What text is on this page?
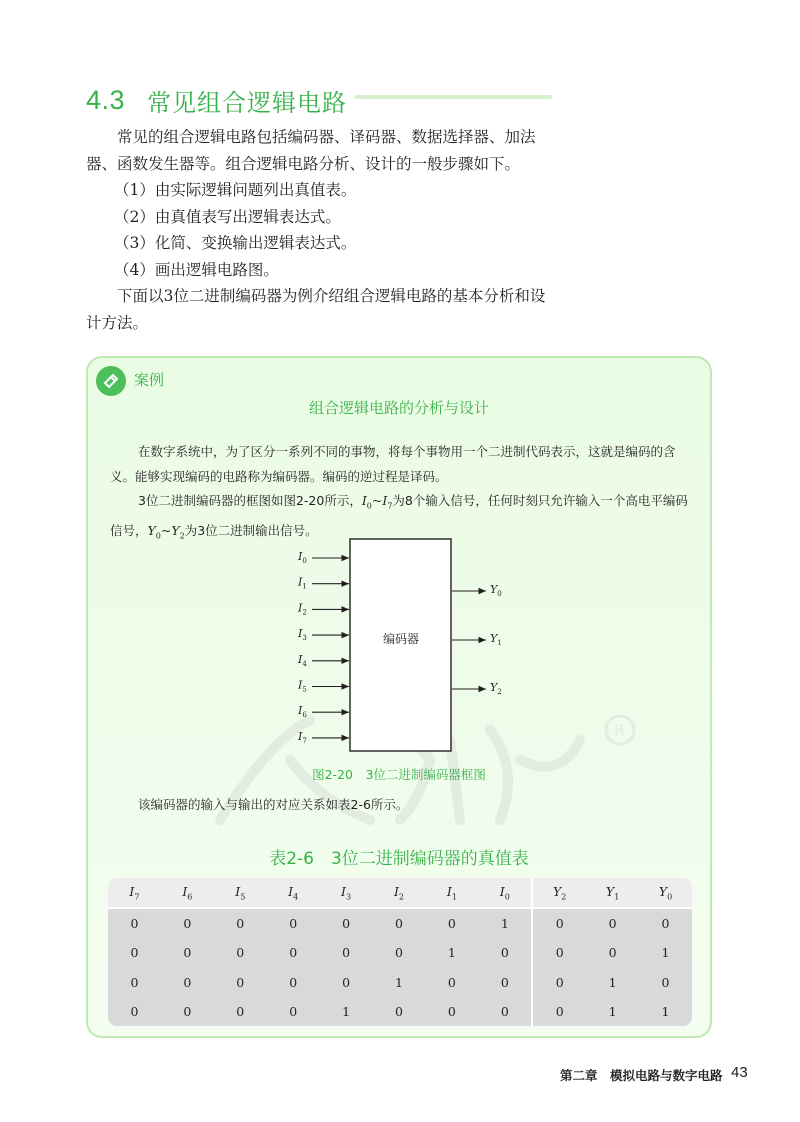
4.3 常见组合逻辑电路

常见的组合逻辑电路包括编码器、译码器、数据选择器、加法器、函数发生器等。组合逻辑电路分析、设计的一般步骤如下。

（1）由实际逻辑问题列出真值表。

（2）由真值表写出逻辑表达式。

（3）化简、变换输出逻辑表达式。

（4）画出逻辑电路图。

下面以3位二进制编码器为例介绍组合逻辑电路的基本分析和设计方法。

案例
组合逻辑电路的分析与设计

在数字系统中，为了区分一系列不同的事物，将每个事物用一个二进制代码表示，这就是编码的含义。能够实现编码的电路称为编码器。编码的逆过程是译码。

3位二进制编码器的框图如图2-20所示，$I_0\sim I_7$为8个输入信号，任何时刻只允许输入一个高电平编码信号，$Y_0\sim Y_2$为3位二进制输出信号。

R
编码器
$I_0$
$I_1$
$I_2$
$I_3$
$I_4$
$I_5$
$I_6$
$I_7$
$Y_0$
$Y_1$
$Y_2$
图2-20　3位二进制编码器框图
该编码器的输入与输出的对应关系如表2-6所示。
表2-6　3位二进制编码器的真值表
$I_7$	$I_6$	$I_5$	$I_4$	$I_3$	$I_2$	$I_1$	$I_0$	$Y_2$	$Y_1$	$Y_0$
0	0	0	0	0	0	0	1	0	0	0
0	0	0	0	0	0	1	0	0	0	1
0	0	0	0	0	1	0	0	0	1	0
0	0	0	0	1	0	0	0	0	1	1
第二章　模拟电路与数字电路 43
